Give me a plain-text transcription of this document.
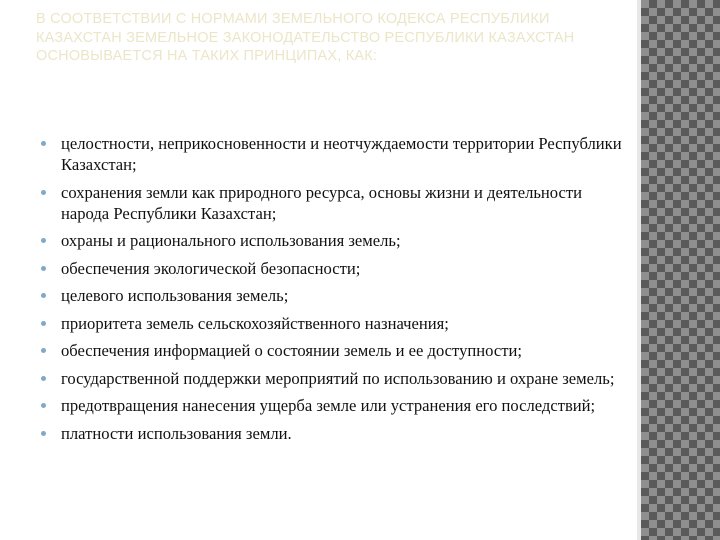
В СООТВЕТСТВИИ С НОРМАМИ ЗЕМЕЛЬНОГО КОДЕКСА РЕСПУБЛИКИ КАЗАХСТАН ЗЕМЕЛЬНОЕ ЗАКОНОДАТЕЛЬСТВО РЕСПУБЛИКИ КАЗАХСТАН ОСНОВЫВАЕТСЯ НА ТАКИХ ПРИНЦИПАХ, КАК:
целостности, неприкосновенности и неотчуждаемости территории Республики Казахстан;
сохранения земли как природного ресурса, основы жизни и деятельности народа Республики Казахстан;
охраны и рационального использования земель;
обеспечения экологической безопасности;
целевого использования земель;
приоритета земель сельскохозяйственного назначения;
обеспечения информацией о состоянии земель и ее доступности;
государственной поддержки мероприятий по использованию и охране земель;
предотвращения нанесения ущерба земле или устранения его последствий;
платности использования земли.
